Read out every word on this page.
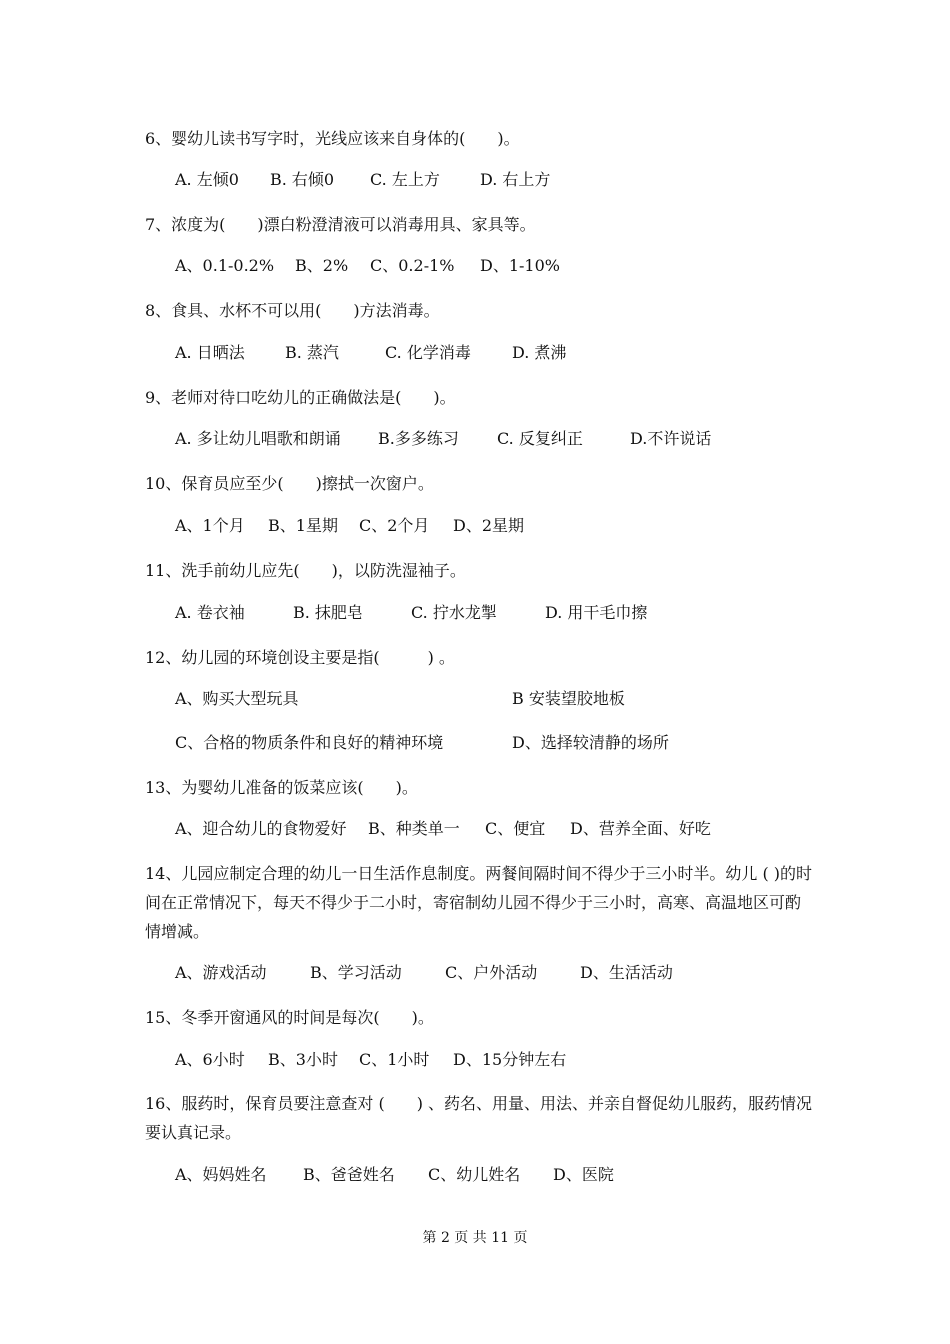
6、婴幼儿读书写字时，光线应该来自身体的(　　)。
A. 左倾0 B. 右倾0 C. 左上方	D. 右上方
7、浓度为(　　)漂白粉澄清液可以消毒用具、家具等。
A、0.1-0.2% B、2% C、0.2-1% D、1-10%
8、食具、水杯不可以用(　　)方法消毒。
A. 日晒法	B. 蒸汽	C. 化学消毒	D. 煮沸
9、老师对待口吃幼儿的正确做法是(　　)。
A. 多让幼儿唱歌和朗诵 B.多多练习 C. 反复纠正	D.不许说话
10、保育员应至少(　　)擦拭一次窗户。
A、1个月 B、1星期 C、2个月 D、2星期
11、洗手前幼儿应先(　　)，以防洗湿袖子。
A. 卷衣袖	B. 抹肥皂	C. 拧水龙掣	D. 用干毛巾擦
12、幼儿园的环境创设主要是指(　　　) 。
A、购买大型玩具	B 安装望胶地板
C、合格的物质条件和良好的精神环境	D、选择较清静的场所
13、为婴幼儿准备的饭菜应该(　　)。
A、迎合幼儿的食物爱好 B、种类单一 C、便宜 D、营养全面、好吃
14、儿园应制定合理的幼儿一日生活作息制度。两餐间隔时间不得少于三小时半。幼儿 ( )的时间在正常情况下，每天不得少于二小时，寄宿制幼儿园不得少于三小时，高寒、高温地区可酌情增减。
A、游戏活动	B、学习活动	C、户外活动	D、生活活动
15、冬季开窗通风的时间是每次(　　)。
A、6小时 B、3小时 C、1小时 D、15分钟左右
16、服药时，保育员要注意查对 (　　) 、药名、用量、用法、并亲自督促幼儿服药，服药情况要认真记录。
A、妈妈姓名 B、爸爸姓名 C、幼儿姓名 D、医院
第 2 页 共 11 页
